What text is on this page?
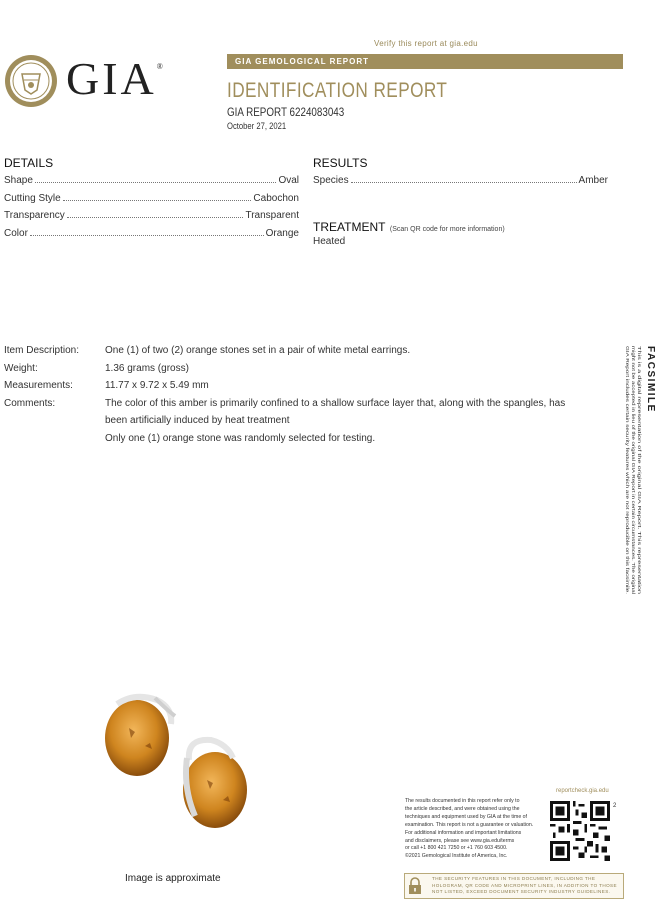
Verify this report at gia.edu
GIA®
GIA GEMOLOGICAL REPORT
IDENTIFICATION REPORT
GIA REPORT 6224083043
October 27, 2021
DETAILS
Shape	Oval
Cutting Style	Cabochon
Transparency	Transparent
Color	Orange
RESULTS
Species	Amber
TREATMENT (Scan QR code for more information)
Heated
Item Description:	One (1) of two (2) orange stones set in a pair of white metal earrings.
Weight:	1.36 grams (gross)
Measurements:	11.77 x 9.72 x 5.49 mm
Comments:	The color of this amber is primarily confined to a shallow surface layer that, along with the spangles, has
been artificially induced by heat treatment
Only one (1) orange stone was randomly selected for testing.
FACSIMILE
This is a digital representation of the original GIA Report. This representation
might not be accepted in lieu of the original GIA Report in certain circumstances. The original
GIA Report includes certain security features which are not reproducible on this facsimile.
Image is approximate
The results documented in this report refer only to
the article described, and were obtained using the
techniques and equipment used by GIA at the time of
examination. This report is not a guarantee or valuation.
For additional information and important limitations
and disclaimers, please see www.gia.edu/terms
or call +1 800 421 7250 or +1 760 603 4500.
©2021 Gemological Institute of America, Inc.
reportcheck.gia.edu
2
THE SECURITY FEATURES IN THIS DOCUMENT, INCLUDING THE
HOLOGRAM, QR CODE AND MICROPRINT LINES, IN ADDITION TO THOSE
NOT LISTED, EXCEED DOCUMENT SECURITY INDUSTRY GUIDELINES.
